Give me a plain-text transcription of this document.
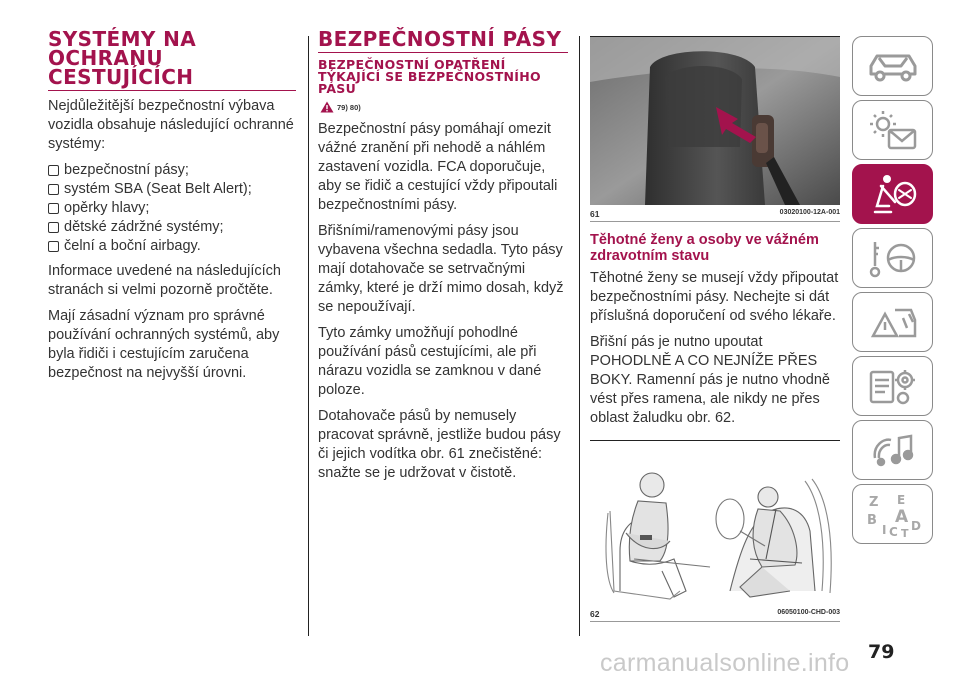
SYSTÉMY NA OCHRANU CESTUJÍCÍCH

Nejdůležitější bezpečnostní výbava vozidla obsahuje následující ochranné systémy:

bezpečnostní pásy;
systém SBA (Seat Belt Alert);
opěrky hlavy;
dětské zádržné systémy;
čelní a boční airbagy.

Informace uvedené na následujících stranách si velmi pozorně pročtěte.

Mají zásadní význam pro správné používání ochranných systémů, aby byla řidiči i cestujícím zaručena bezpečnost na nejvyšší úrovni.

BEZPEČNOSTNÍ PÁSY
BEZPEČNOSTNÍ OPATŘENÍ TÝKAJÍCÍ SE BEZPEČNOSTNÍHO PÁSU
79) 80)

Bezpečnostní pásy pomáhají omezit vážné zranění při nehodě a náhlém zastavení vozidla. FCA doporučuje, aby se řidič a cestující vždy připoutali bezpečnostními pásy.

Břišními/ramenovými pásy jsou vybavena všechna sedadla. Tyto pásy mají dotahovače se setrvačnými zámky, které je drží mimo dosah, když se nepoužívají.

Tyto zámky umožňují pohodlné používání pásů cestujícími, ale při nárazu vozidla se zamknou v dané poloze.

Dotahovače pásů by nemusely pracovat správně, jestliže budou pásy či jejich vodítka obr. 61 znečistěné: snažte se je udržovat v čistotě.

61	03020100-12A-001
Těhotné ženy a osoby ve vážném zdravotním stavu

Těhotné ženy se musejí vždy připoutat bezpečnostními pásy. Nechejte si dát příslušná doporučení od svého lékaře.

Břišní pás je nutno upoutat POHODLNĚ A CO NEJNÍŽE PŘES BOKY. Ramenní pás je nutno vhodně vést přes ramena, ale nikdy ne přes oblast žaludku obr. 62.

62	06050100-CHD-003
Z E
B A
I C T
D
79
carmanualsonline.info
